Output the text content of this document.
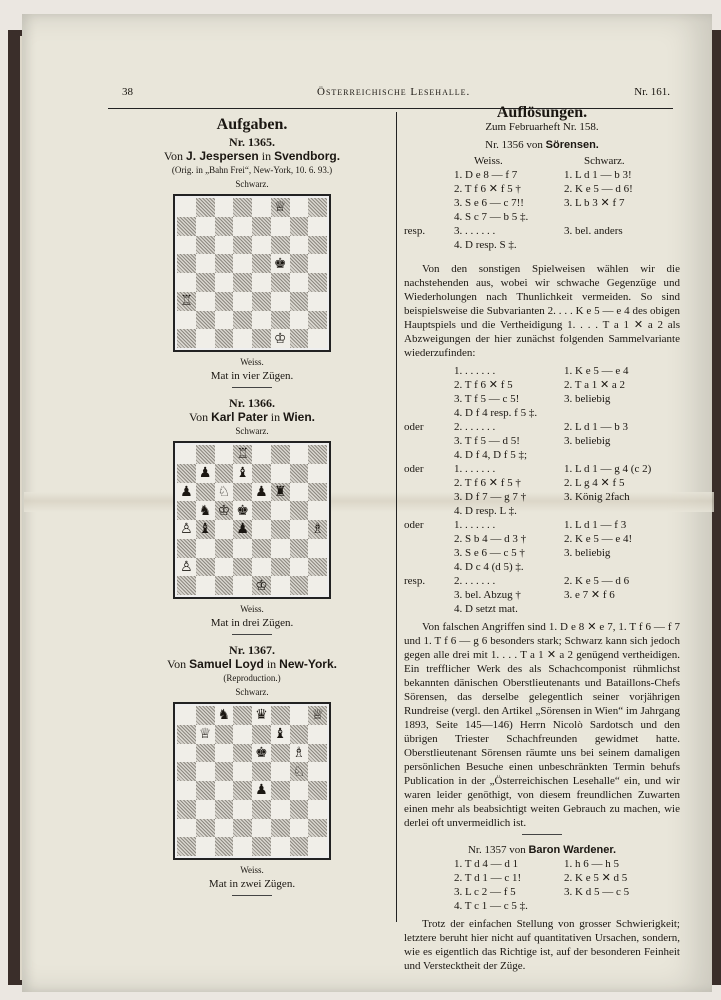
38	Österreichische Lesehalle.	Nr. 161.
Aufgaben.
Nr. 1365.
Von J. Jespersen in Svendborg.
(Orig. in „Bahn Frei“, New-York, 10. 6. 93.)
Schwarz.
♕
♚
♖
♔
Weiss.
Mat in vier Zügen.
Nr. 1366.
Von Karl Pater in Wien.
Schwarz.
♖
♟ ♝
♟ ♘ ♟ ♜
♞ ♔ ♚
♙ ♝ ♟	♗
♙
♔
Weiss.
Mat in drei Zügen.
Nr. 1367.
Von Samuel Loyd in New-York.
(Reproduction.)
Schwarz.
♞ ♛	♕
♕	♝
♚ ♗
♘
♟
Weiss.
Mat in zwei Zügen.
Auflösungen.
Zum Februarheft Nr. 158.
Nr. 1356 von Sörensen.
Weiss.	Schwarz.
1. D e 8 — f 7	1. L d 1 — b 3!
2. T f 6 ✕ f 5 †	2. K e 5 — d 6!
3. S e 6 — c 7!!	3. L b 3 ✕ f 7
4. S c 7 — b 5 ‡.
resp.	3. . . . . . .	3. bel. anders
4. D resp. S ‡.

Von den sonstigen Spielweisen wählen wir die nachstehenden aus, wobei wir schwache Gegenzüge und Wiederholungen nach Thunlichkeit vermeiden. So sind beispielsweise die Subvarianten 2. . . . K e 5 — e 4 des obigen Hauptspiels und die Vertheidigung 1. . . . T a 1 ✕ a 2 als Abzweigungen der hier zunächst folgenden Sammelvariante wiederzufinden:

1. . . . . . .	1. K e 5 — e 4
2. T f 6 ✕ f 5	2. T a 1 ✕ a 2
3. T f 5 — c 5!	3. beliebig
4. D f 4 resp. f 5 ‡.
oder	2. . . . . . .	2. L d 1 — b 3
3. T f 5 — d 5!	3. beliebig
4. D f 4, D f 5 ‡;
oder	1. . . . . . .	1. L d 1 — g 4 (c 2)
2. T f 6 ✕ f 5 †	2. L g 4 ✕ f 5
3. D f 7 — g 7 †	3. König 2fach
4. D resp. L ‡.
oder	1. . . . . . .	1. L d 1 — f 3
2. S b 4 — d 3 †	2. K e 5 — e 4!
3. S e 6 — c 5 †	3. beliebig
4. D c 4 (d 5) ‡.
resp.	2. . . . . . .	2. K e 5 — d 6
3. bel. Abzug †	3. e 7 ✕ f 6
4. D setzt mat.

Von falschen Angriffen sind 1. D e 8 ✕ e 7, 1. T f 6 — f 7 und 1. T f 6 — g 6 besonders stark; Schwarz kann sich jedoch gegen alle drei mit 1. . . . T a 1 ✕ a 2 genügend vertheidigen. Ein trefflicher Werk des als Schachcomponist rühmlichst bekannten dänischen Oberstlieutenants und Bataillons-Chefs Sörensen, das derselbe gelegentlich seiner vorjährigen Rundreise (vergl. den Artikel „Sörensen in Wien“ im Jahrgang 1893, Seite 145—146) Herrn Nicolò Sardotsch und den übrigen Triester Schachfreunden gewidmet hatte. Oberstlieutenant Sörensen räumte uns bei seinem damaligen persönlichen Besuche einen unbeschränkten Termin behufs Publication in der „Österreichischen Lesehalle“ ein, und wir waren leider genöthigt, von diesem freundlichen Zuwarten einen mehr als beabsichtigt weiten Gebrauch zu machen, wie derlei oft unvermeidlich ist.

Nr. 1357 von Baron Wardener.
1. T d 4 — d 1	1. h 6 — h 5
2. T d 1 — c 1!	2. K e 5 ✕ d 5
3. L c 2 — f 5	3. K d 5 — c 5
4. T c 1 — c 5 ‡.

Trotz der einfachen Stellung von grosser Schwierigkeit; letztere beruht hier nicht auf quantitativen Ursachen, sondern, wie es eigentlich das Richtige ist, auf der besonderen Feinheit und Verstecktheit der Züge.
